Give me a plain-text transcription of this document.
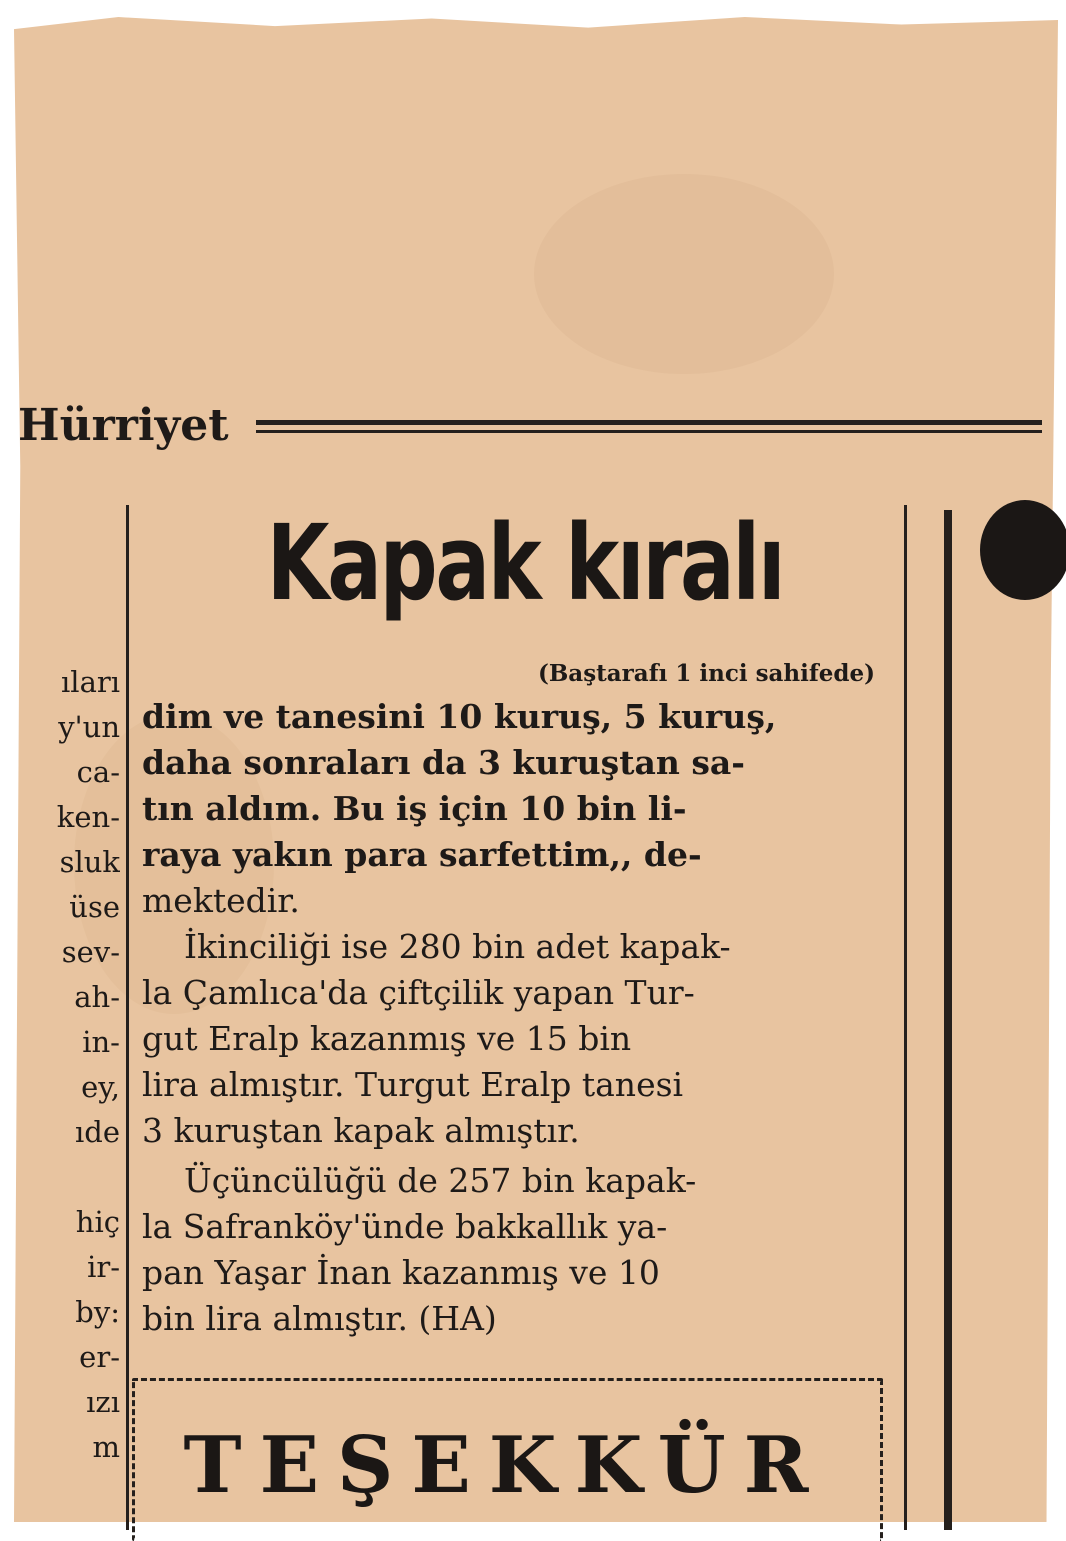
Hürriyet
ıları
y'un
ca-
ken-
sluk
üse
sev-
ah-
in-
ey,
ıde

hiç
ir-
by:
er-
ızı
m
Kapak kıralı
(Baştarafı 1 inci sahifede)
dim ve tanesini 10 kuruş, 5 kuruş,
daha sonraları da 3 kuruştan sa-
tın aldım. Bu iş için 10 bin li-
raya yakın para sarfettim,, de-
mektedir.
İkinciliği ise 280 bin adet kapak-
la Çamlıca'da çiftçilik yapan Tur-
gut Eralp kazanmış ve 15 bin
lira almıştır. Turgut Eralp tanesi
3 kuruştan kapak almıştır.
Üçüncülüğü de 257 bin kapak-
la Safranköy'ünde bakkallık ya-
pan Yaşar İnan kazanmış ve 10
bin lira almıştır. (HA)
TEŞEKKÜR
